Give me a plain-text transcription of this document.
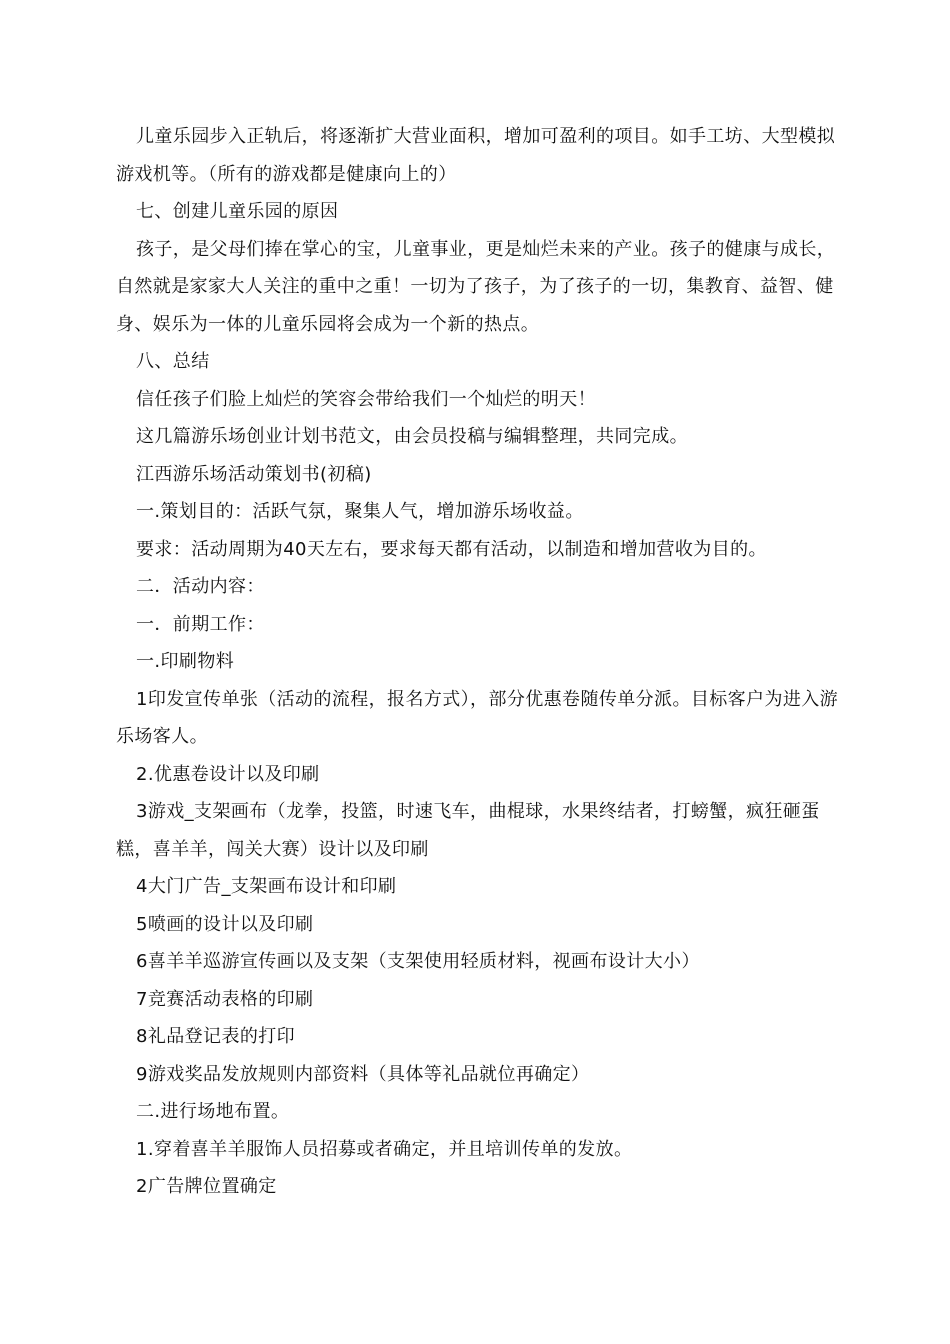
儿童乐园步入正轨后，将逐渐扩大营业面积，增加可盈利的项目。如手工坊、大型模拟游戏机等。（所有的游戏都是健康向上的）

七、创建儿童乐园的原因

孩子，是父母们捧在掌心的宝，儿童事业，更是灿烂未来的产业。孩子的健康与成长，自然就是家家大人关注的重中之重！一切为了孩子，为了孩子的一切，集教育、益智、健身、娱乐为一体的儿童乐园将会成为一个新的热点。

八、总结

信任孩子们脸上灿烂的笑容会带给我们一个灿烂的明天！

这几篇游乐场创业计划书范文，由会员投稿与编辑整理，共同完成。

江西游乐场活动策划书(初稿)

一.策划目的：活跃气氛，聚集人气，增加游乐场收益。

要求：活动周期为40天左右，要求每天都有活动，以制造和增加营收为目的。

二．活动内容：

一．前期工作：

一.印刷物料

1印发宣传单张（活动的流程，报名方式），部分优惠卷随传单分派。目标客户为进入游乐场客人。

2.优惠卷设计以及印刷

3游戏_支架画布（龙拳，投篮，时速飞车，曲棍球，水果终结者，打螃蟹，疯狂砸蛋糕，喜羊羊，闯关大赛）设计以及印刷

4大门广告_支架画布设计和印刷

5喷画的设计以及印刷

6喜羊羊巡游宣传画以及支架（支架使用轻质材料，视画布设计大小）

7竞赛活动表格的印刷

8礼品登记表的打印

9游戏奖品发放规则内部资料（具体等礼品就位再确定）

二.进行场地布置。

1.穿着喜羊羊服饰人员招募或者确定，并且培训传单的发放。

2广告牌位置确定
